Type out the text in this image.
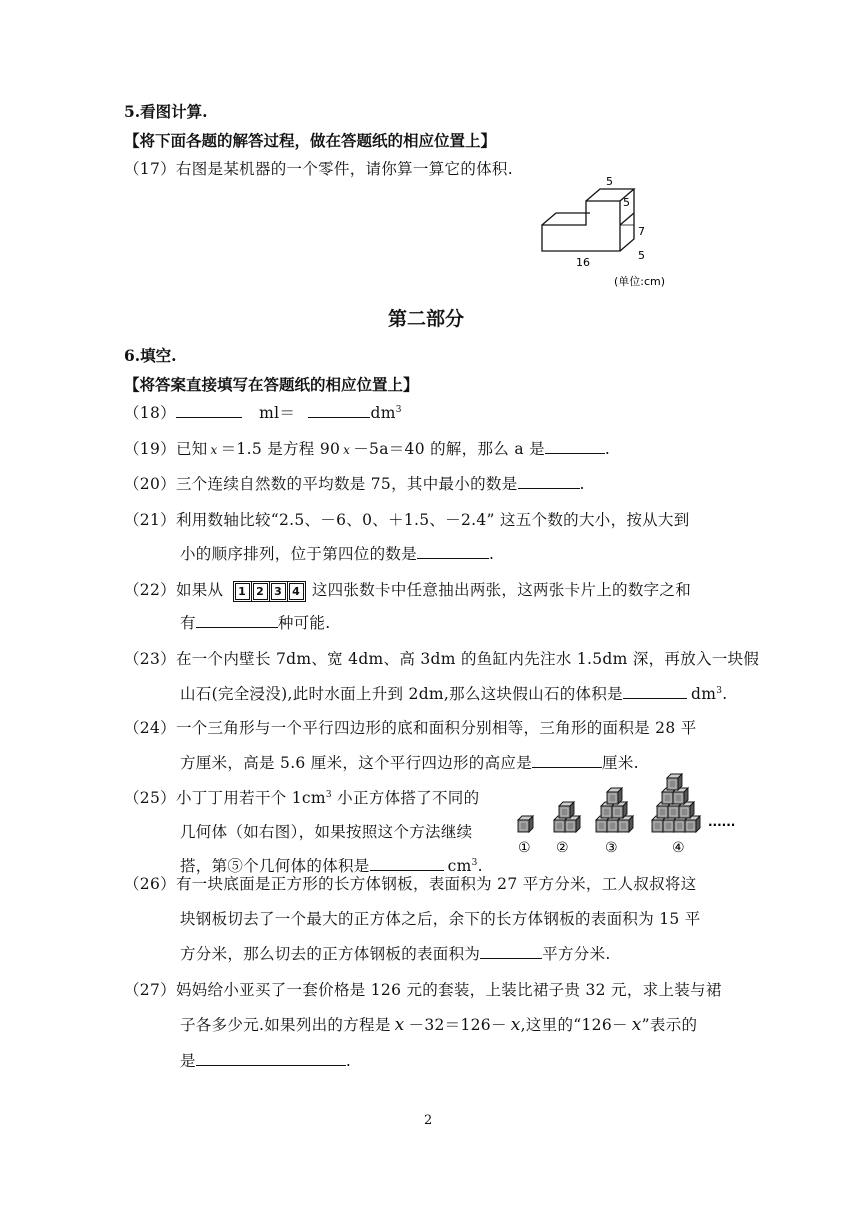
5.看图计算.
【将下面各题的解答过程，做在答题纸的相应位置上】
（17）右图是某机器的一个零件，请你算一算它的体积.
5
5
7
5
16
(单位:cm)
第二部分
6.填空.
【将答案直接填写在答题纸的相应位置上】
（18）	ml＝	$dm^3$
（19）已知 x ＝1.5 是方程 90 x －5a＝40 的解，那么 a 是	.
（20）三个连续自然数的平均数是 75，其中最小的数是	.
（21）利用数轴比较“2.5、－6、0、＋1.5、－2.4” 这五个数的大小，按从大到
小的顺序排列，位于第四位的数是	.
（22）如果从 1 2 3 4 这四张数卡中任意抽出两张，这两张卡片上的数字之和
有	种可能.
（23）在一个内壁长 7dm、宽 4dm、高 3dm 的鱼缸内先注水 1.5dm 深，再放入一块假
山石(完全浸没),此时水面上升到 2dm,那么这块假山石的体积是	$dm^3$.
（24）一个三角形与一个平行四边形的底和面积分别相等，三角形的面积是 28 平
方厘米，高是 5.6 厘米，这个平行四边形的高应是	厘米.
（25）小丁丁用若干个 $1cm^3$ 小正方体搭了不同的
几何体（如右图），如果按照这个方法继续
搭，第⑤个几何体的体积是	$cm^3$.
......
① ②	③	④
（26）有一块底面是正方形的长方体钢板，表面积为 27 平方分米，工人叔叔将这
块钢板切去了一个最大的正方体之后，余下的长方体钢板的表面积为 15 平
方分米，那么切去的正方体钢板的表面积为	平方分米.
（27）妈妈给小亚买了一套价格是 126 元的套装，上装比裙子贵 32 元，求上装与裙
子各多少元.如果列出的方程是 x －32＝126－ x,这里的“126－ x”表示的
是	.
2
